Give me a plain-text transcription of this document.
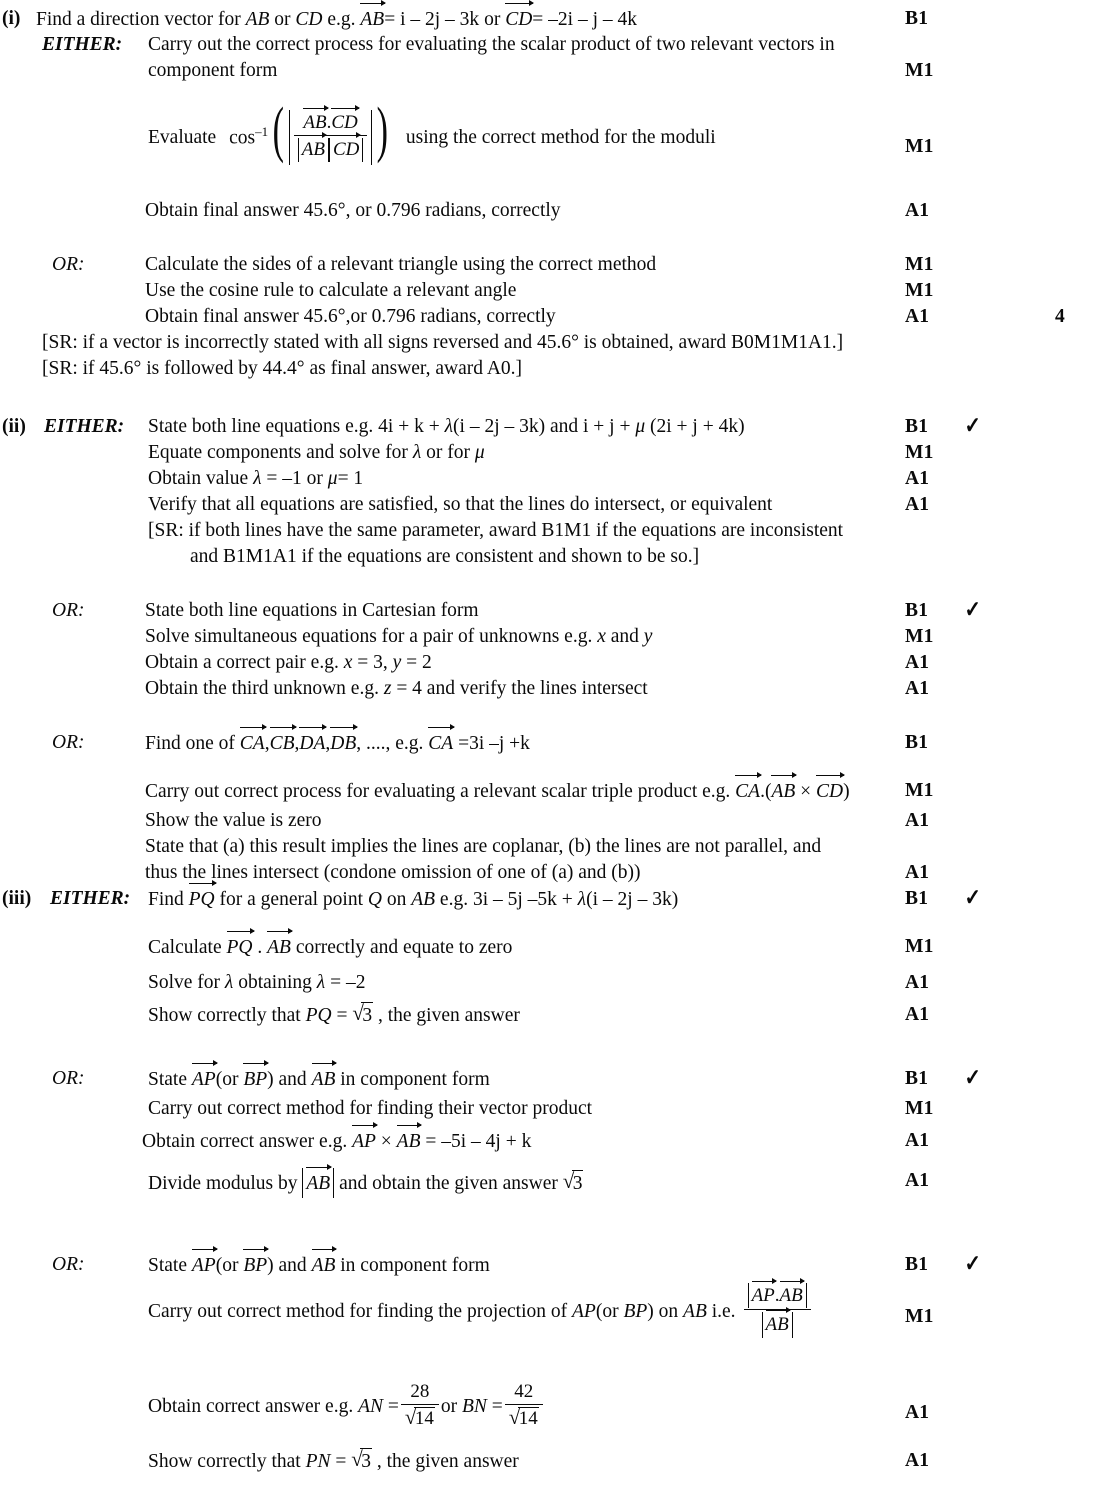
(i) Find a direction vector for AB or CD e.g. AB= i – 2j – 3k or CD= –2i – j – 4k	B1
EITHER: Carry out the correct process for evaluating the scalar product of two relevant vectors in
component form	M1
Evaluate $\cos^{-1}( \frac{AB.CD}{\text{AB CD}}$ ) using the correct method for the moduli	M1
Obtain final answer 45.6°, or 0.796 radians, correctly	A1
OR:	Calculate the sides of a relevant triangle using the correct method	M1
Use the cosine rule to calculate a relevant angle	M1
Obtain final answer 45.6°,or 0.796 radians, correctly	A1	4
[SR: if a vector is incorrectly stated with all signs reversed and 45.6° is obtained, award B0M1M1A1.]
[SR: if 45.6° is followed by 44.4° as final answer, award A0.]
(ii) EITHER: State both line equations e.g. 4i + k + λ(i – 2j – 3k) and i + j + μ (2i + j + 4k)	B1	✓
Equate components and solve for λ or for μ	M1
Obtain value λ = –1 or μ= 1	A1
Verify that all equations are satisfied, so that the lines do intersect, or equivalent	A1
[SR: if both lines have the same parameter, award B1M1 if the equations are inconsistent
and B1M1A1 if the equations are consistent and shown to be so.]
OR:	State both line equations in Cartesian form	B1	✓
Solve simultaneous equations for a pair of unknowns e.g. x and y	M1
Obtain a correct pair e.g. x = 3, y = 2	A1
Obtain the third unknown e.g. z = 4 and verify the lines intersect	A1
OR:	Find one of CA,CB,DA,DB, ...., e.g. CA =3i –j +k	B1
Carry out correct process for evaluating a relevant scalar triple product e.g. CA.(AB × CD)	M1
Show the value is zero	A1
State that (a) this result implies the lines are coplanar, (b) the lines are not parallel, and
thus the lines intersect (condone omission of one of (a) and (b))	A1
(iii) EITHER: Find PQ for a general point Q on AB e.g. 3i – 5j –5k + λ(i – 2j – 3k)	B1	✓
Calculate PQ . AB correctly and equate to zero	M1
Solve for λ obtaining λ = –2	A1
Show correctly that PQ = √
3 , the given answer	A1
OR:	State AP(or BP) and AB in component form	B1	✓
Carry out correct method for finding their vector product	M1
Obtain correct answer e.g. AP × AB = –5i – 4j + k	A1
Divide modulus by AB and obtain the given answer √
3	A1
OR:	State AP(or BP) and AB in component form	B1	✓
Carry out correct method for finding the projection of AP(or BP) on AB i.e. $\frac{AP.AB}{AB}$	M1
Obtain correct answer e.g. AN = 28
√
14 or BN = 42
√
14	A1
Show correctly that PN = √
3 , the given answer	A1
